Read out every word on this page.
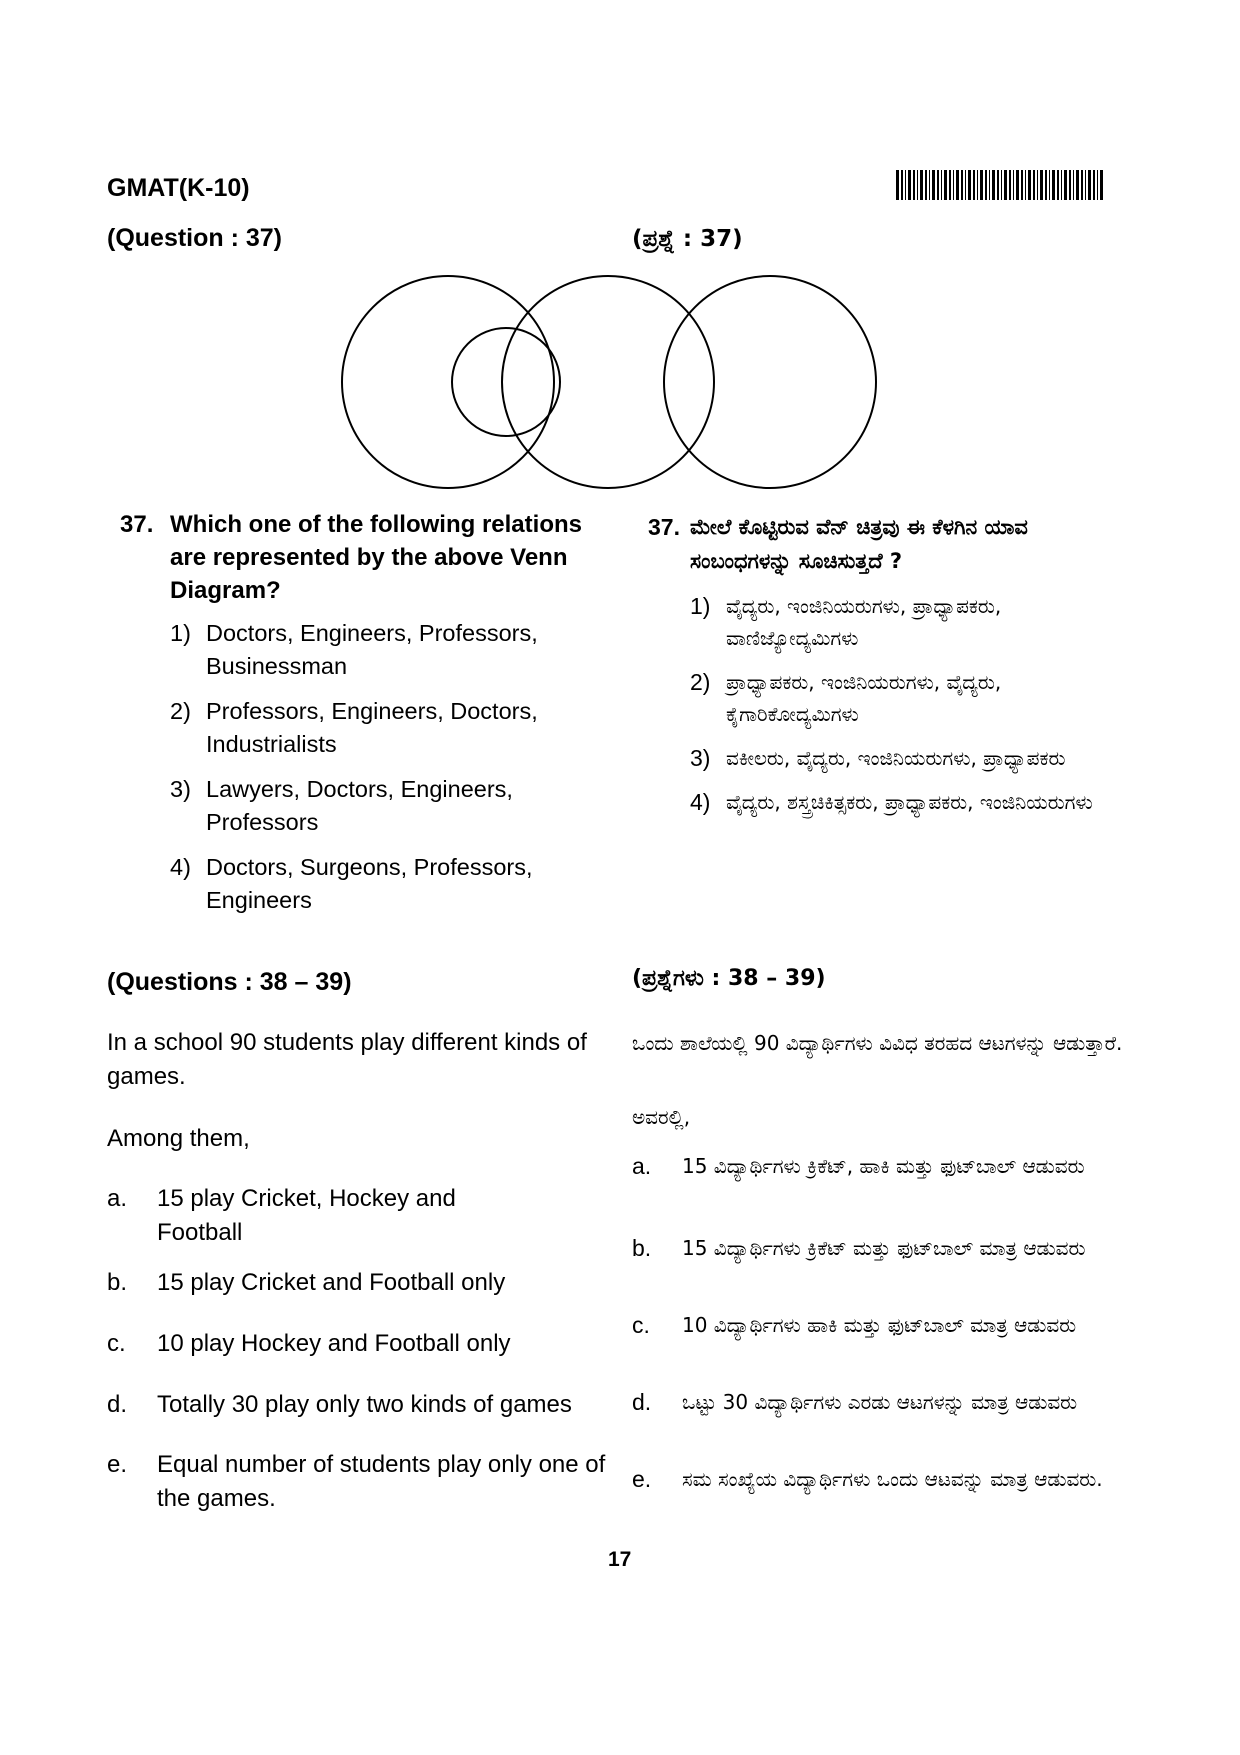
GMAT(K-10)
(Question : 37)	(ಪ್ರಶ್ನೆ : 37)
37. Which one of the following relations are represented by the above Venn Diagram?
1) Doctors, Engineers, Professors, Businessman
2) Professors, Engineers, Doctors, Industrialists
3) Lawyers, Doctors, Engineers, Professors
4) Doctors, Surgeons, Professors, Engineers
37. ಮೇಲೆ ಕೊಟ್ಟಿರುವ ವೆನ್ ಚಿತ್ರವು ಈ ಕೆಳಗಿನ ಯಾವ ಸಂಬಂಧಗಳನ್ನು ಸೂಚಿಸುತ್ತದೆ ?
1) ವೈದ್ಯರು, ಇಂಜಿನಿಯರುಗಳು, ಪ್ರಾಧ್ಯಾಪಕರು, ವಾಣಿಜ್ಯೋದ್ಯಮಿಗಳು
2) ಪ್ರಾಧ್ಯಾಪಕರು, ಇಂಜಿನಿಯರುಗಳು, ವೈದ್ಯರು, ಕೈಗಾರಿಕೋದ್ಯಮಿಗಳು
3) ವಕೀಲರು, ವೈದ್ಯರು, ಇಂಜಿನಿಯರುಗಳು, ಪ್ರಾಧ್ಯಾಪಕರು
4) ವೈದ್ಯರು, ಶಸ್ತ್ರಚಿಕಿತ್ಸಕರು, ಪ್ರಾಧ್ಯಾಪಕರು, ಇಂಜಿನಿಯರುಗಳು
(Questions : 38 – 39)	(ಪ್ರಶ್ನೆಗಳು : 38 – 39)
In a school 90 students play different kinds of games.
Among them,
a.	15 play Cricket, Hockey and Football
b.	15 play Cricket and Football only
c.	10 play Hockey and Football only
d.	Totally 30 play only two kinds of games
e.	Equal number of students play only one of the games.
ಒಂದು ಶಾಲೆಯಲ್ಲಿ 90 ವಿದ್ಯಾರ್ಥಿಗಳು ವಿವಿಧ ತರಹದ ಆಟಗಳನ್ನು ಆಡುತ್ತಾರೆ.
ಅವರಲ್ಲಿ,
a.	15 ವಿದ್ಯಾರ್ಥಿಗಳು ಕ್ರಿಕೆಟ್, ಹಾಕಿ ಮತ್ತು ಫುಟ್‌ಬಾಲ್ ಆಡುವರು
b.	15 ವಿದ್ಯಾರ್ಥಿಗಳು ಕ್ರಿಕೆಟ್ ಮತ್ತು ಫುಟ್‌ಬಾಲ್ ಮಾತ್ರ ಆಡುವರು
c.	10 ವಿದ್ಯಾರ್ಥಿಗಳು ಹಾಕಿ ಮತ್ತು ಫುಟ್‌ಬಾಲ್ ಮಾತ್ರ ಆಡುವರು
d.	ಒಟ್ಟು 30 ವಿದ್ಯಾರ್ಥಿಗಳು ಎರಡು ಆಟಗಳನ್ನು ಮಾತ್ರ ಆಡುವರು
e.	ಸಮ ಸಂಖ್ಯೆಯ ವಿದ್ಯಾರ್ಥಿಗಳು ಒಂದು ಆಟವನ್ನು ಮಾತ್ರ ಆಡುವರು.
17
